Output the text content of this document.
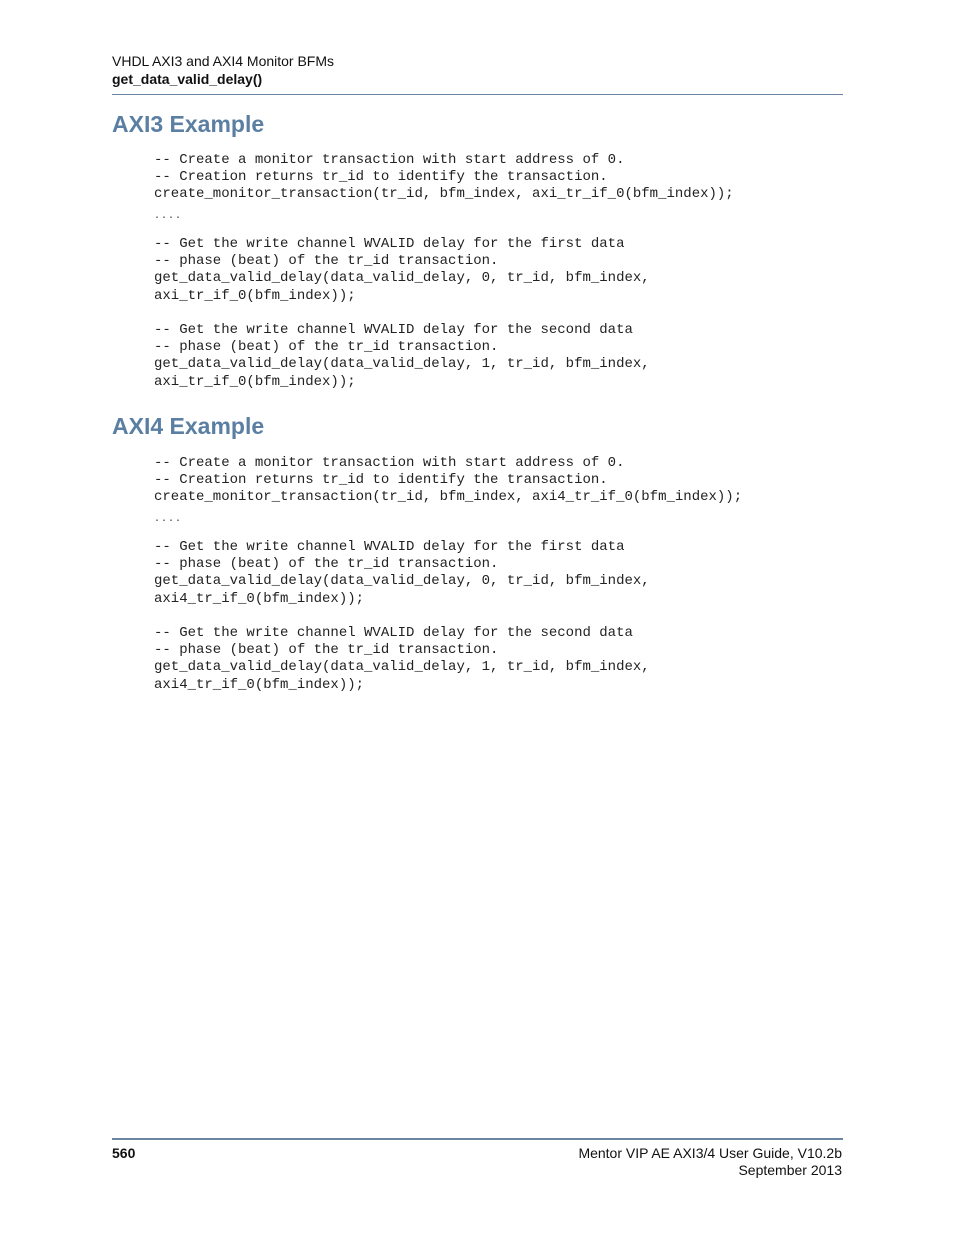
VHDL AXI3 and AXI4 Monitor BFMs
get_data_valid_delay()
AXI3 Example
-- Create a monitor transaction with start address of 0.
-- Creation returns tr_id to identify the transaction.
create_monitor_transaction(tr_id, bfm_index, axi_tr_if_0(bfm_index));
....
-- Get the write channel WVALID delay for the first data
-- phase (beat) of the tr_id transaction.
get_data_valid_delay(data_valid_delay, 0, tr_id, bfm_index,
axi_tr_if_0(bfm_index));

-- Get the write channel WVALID delay for the second data
-- phase (beat) of the tr_id transaction.
get_data_valid_delay(data_valid_delay, 1, tr_id, bfm_index,
axi_tr_if_0(bfm_index));
AXI4 Example
-- Create a monitor transaction with start address of 0.
-- Creation returns tr_id to identify the transaction.
create_monitor_transaction(tr_id, bfm_index, axi4_tr_if_0(bfm_index));
....
-- Get the write channel WVALID delay for the first data
-- phase (beat) of the tr_id transaction.
get_data_valid_delay(data_valid_delay, 0, tr_id, bfm_index,
axi4_tr_if_0(bfm_index));

-- Get the write channel WVALID delay for the second data
-- phase (beat) of the tr_id transaction.
get_data_valid_delay(data_valid_delay, 1, tr_id, bfm_index,
axi4_tr_if_0(bfm_index));
560	Mentor VIP AE AXI3/4 User Guide, V10.2b
September 2013
